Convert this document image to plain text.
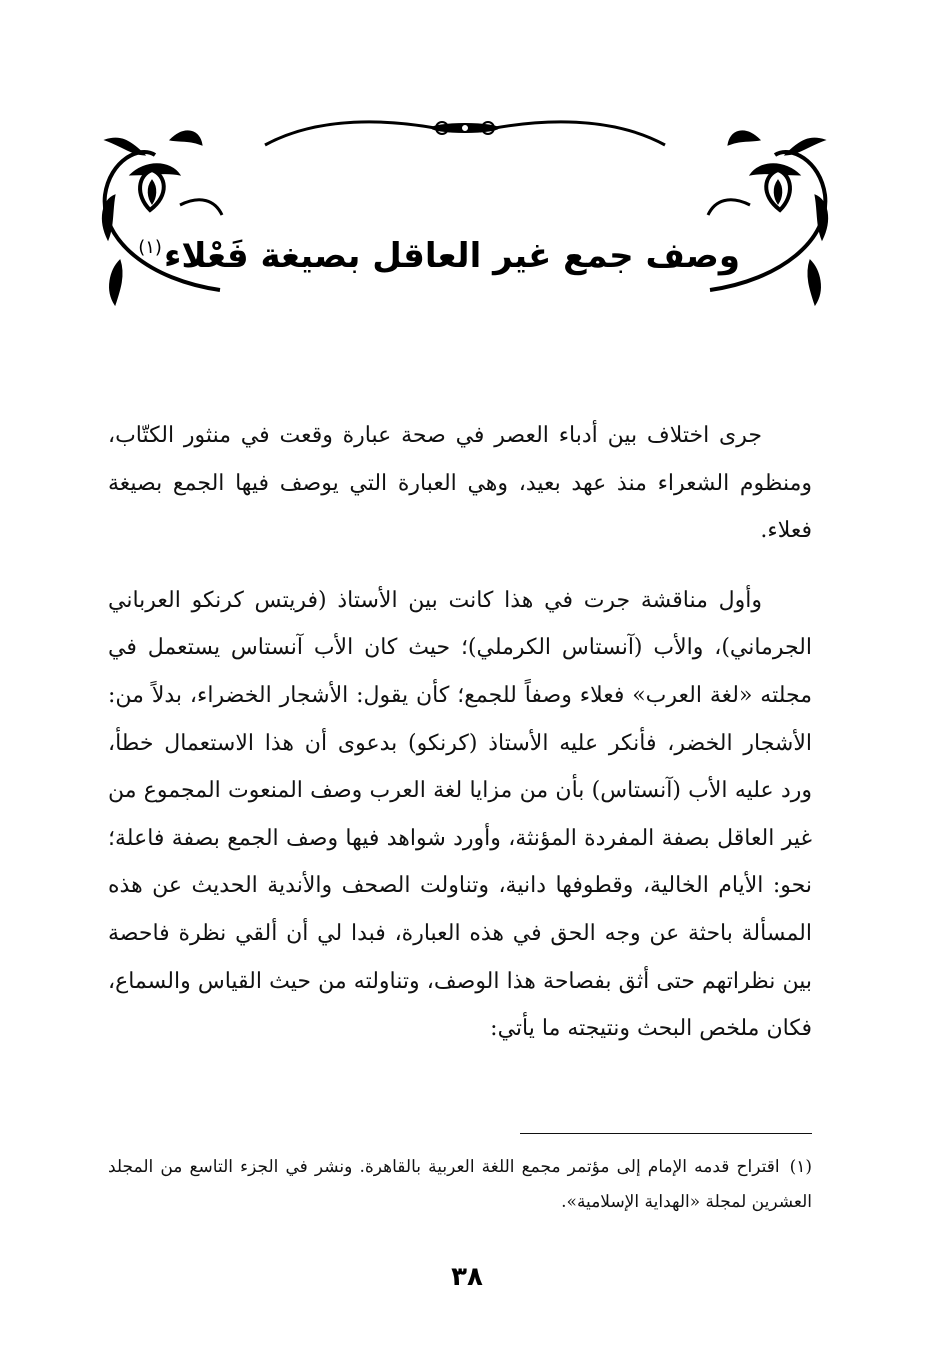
وصف جمع غير العاقل بصيغة فَعْلاء$^{(١)}$

جرى اختلاف بين أدباء العصر في صحة عبارة وقعت في منثور الكتّاب، ومنظوم الشعراء منذ عهد بعيد، وهي العبارة التي يوصف فيها الجمع بصيغة فعلاء.

وأول مناقشة جرت في هذا كانت بين الأستاذ (فريتس كرنكو العرباني الجرماني)، والأب (آنستاس الكرملي)؛ حيث كان الأب آنستاس يستعمل في مجلته «لغة العرب» فعلاء وصفاً للجمع؛ كأن يقول: الأشجار الخضراء، بدلاً من: الأشجار الخضر، فأنكر عليه الأستاذ (كرنكو) بدعوى أن هذا الاستعمال خطأ، ورد عليه الأب (آنستاس) بأن من مزايا لغة العرب وصف المنعوت المجموع من غير العاقل بصفة المفردة المؤنثة، وأورد شواهد فيها وصف الجمع بصفة فاعلة؛ نحو: الأيام الخالية، وقطوفها دانية، وتناولت الصحف والأندية الحديث عن هذه المسألة باحثة عن وجه الحق في هذه العبارة، فبدا لي أن ألقي نظرة فاحصة بين نظراتهم حتى أثق بفصاحة هذا الوصف، وتناولته من حيث القياس والسماع، فكان ملخص البحث ونتيجته ما يأتي:

(١)اقتراح قدمه الإمام إلى مؤتمر مجمع اللغة العربية بالقاهرة. ونشر في الجزء التاسع من المجلد العشرين لمجلة «الهداية الإسلامية».
٣٨
